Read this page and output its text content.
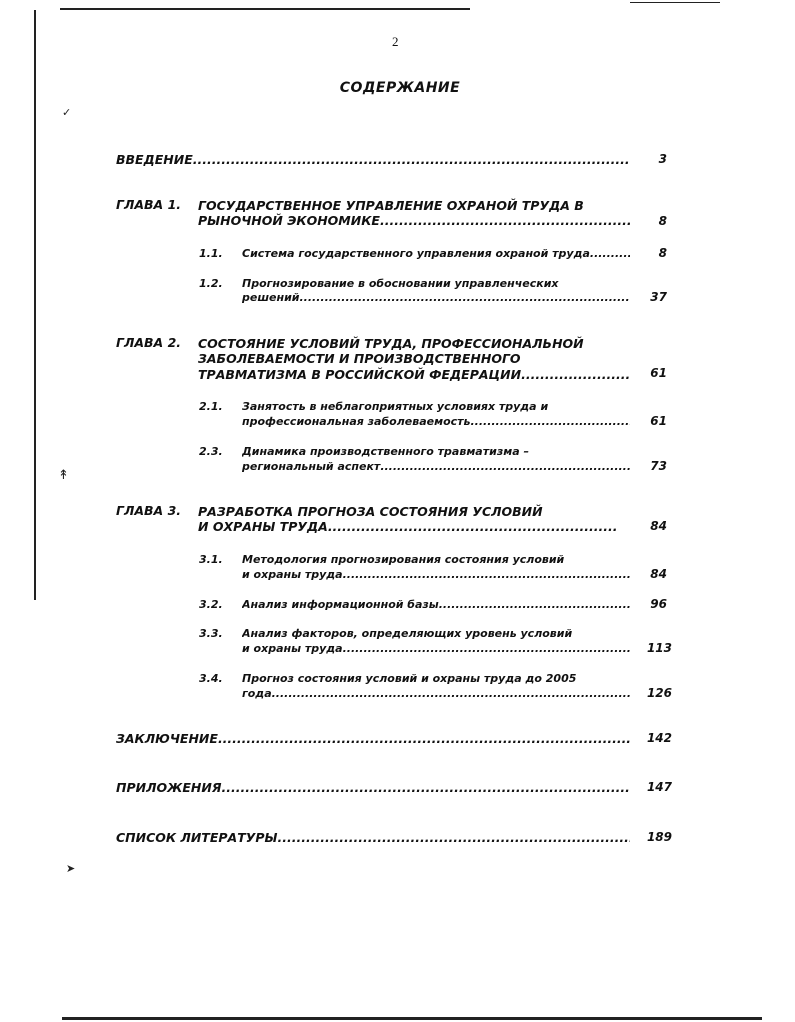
✓
↟
➤
2
СОДЕРЖАНИЕ
ВВЕДЕНИЕ .....	3
ГЛАВА 1. ГОСУДАРСТВЕННОЕ УПРАВЛЕНИЕ ОХРАНОЙ ТРУДА В
РЫНОЧНОЙ ЭКОНОМИКЕ .....	8
1.1. Система государственного управления охраной труда .....	8
1.2. Прогнозирование в обосновании управленческих
решений .....	37
ГЛАВА 2. СОСТОЯНИЕ УСЛОВИЙ ТРУДА, ПРОФЕССИОНАЛЬНОЙ
ЗАБОЛЕВАЕМОСТИ И ПРОИЗВОДСТВЕННОГО
ТРАВМАТИЗМА В РОССИЙСКОЙ ФЕДЕРАЦИИ .....	61
2.1. Занятость в неблагоприятных условиях труда и
профессиональная заболеваемость .....	61
2.3. Динамика производственного травматизма –
региональный аспект .....	73
ГЛАВА 3. РАЗРАБОТКА ПРОГНОЗА СОСТОЯНИЯ УСЛОВИЙ
И ОХРАНЫ ТРУДА .....	84
3.1. Методология прогнозирования состояния условий
и охраны труда .....	84
3.2. Анализ информационной базы .....	96
3.3. Анализ факторов, определяющих уровень условий
и охраны труда .....	113
3.4. Прогноз состояния условий и охраны труда до 2005
года .....	126
ЗАКЛЮЧЕНИЕ .....	142
ПРИЛОЖЕНИЯ .....	147
СПИСОК ЛИТЕРАТУРЫ .....	189
